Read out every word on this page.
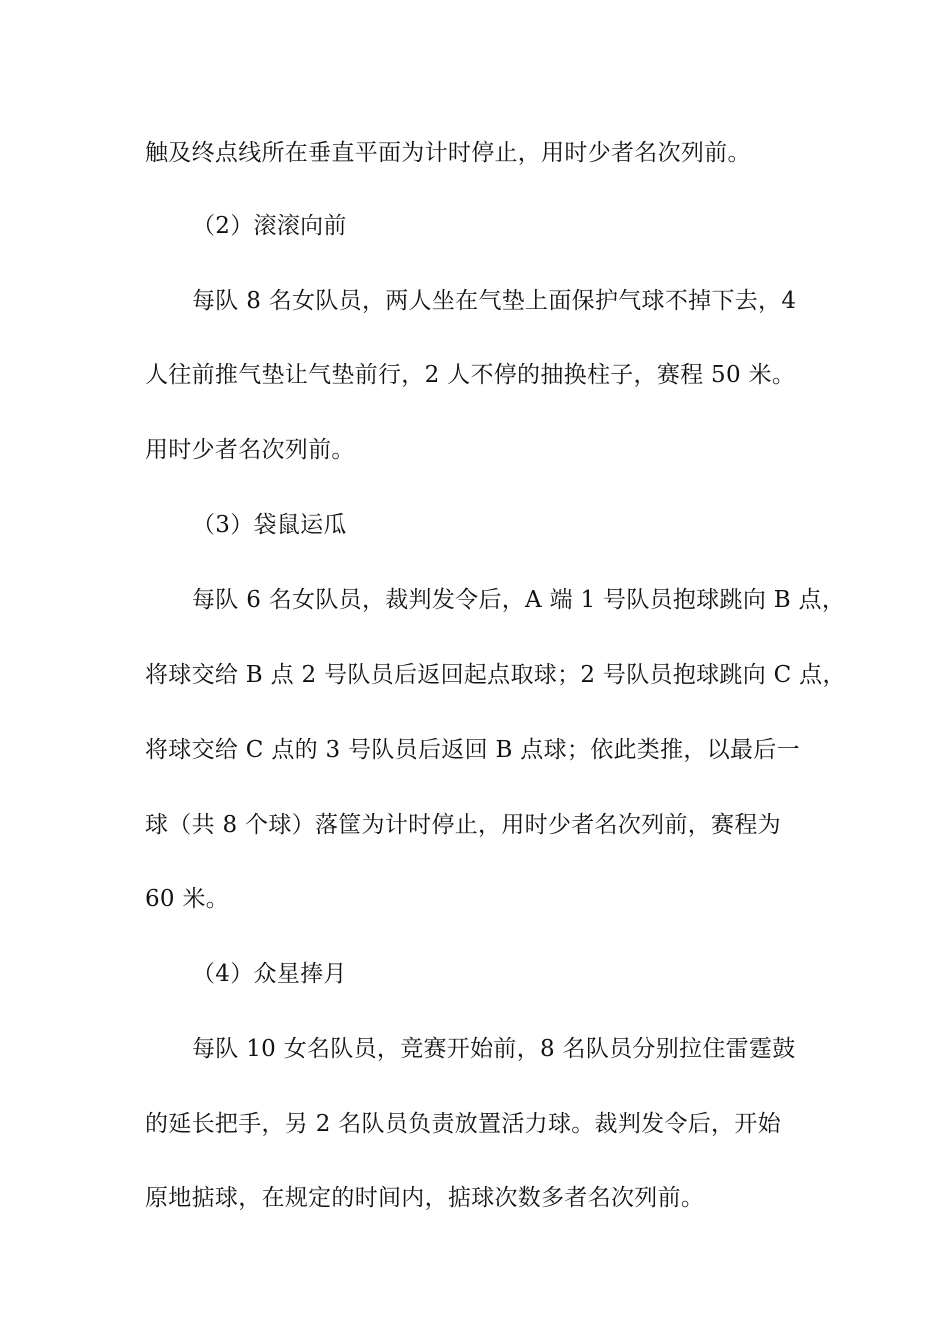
触及终点线所在垂直平面为计时停止，用时少者名次列前。
（2）滚滚向前
每队 8 名女队员，两人坐在气垫上面保护气球不掉下去，4
人往前推气垫让气垫前行，2 人不停的抽换柱子，赛程 50 米。
用时少者名次列前。
（3）袋鼠运瓜
每队 6 名女队员，裁判发令后，A 端 1 号队员抱球跳向 B 点，
将球交给 B 点 2 号队员后返回起点取球；2 号队员抱球跳向 C 点，
将球交给 C 点的 3 号队员后返回 B 点球；依此类推，以最后一
球（共 8 个球）落筐为计时停止，用时少者名次列前，赛程为
60 米。
（4）众星捧月
每队 10 女名队员，竞赛开始前，8 名队员分别拉住雷霆鼓
的延长把手，另 2 名队员负责放置活力球。裁判发令后，开始
原地掂球，在规定的时间内，掂球次数多者名次列前。
